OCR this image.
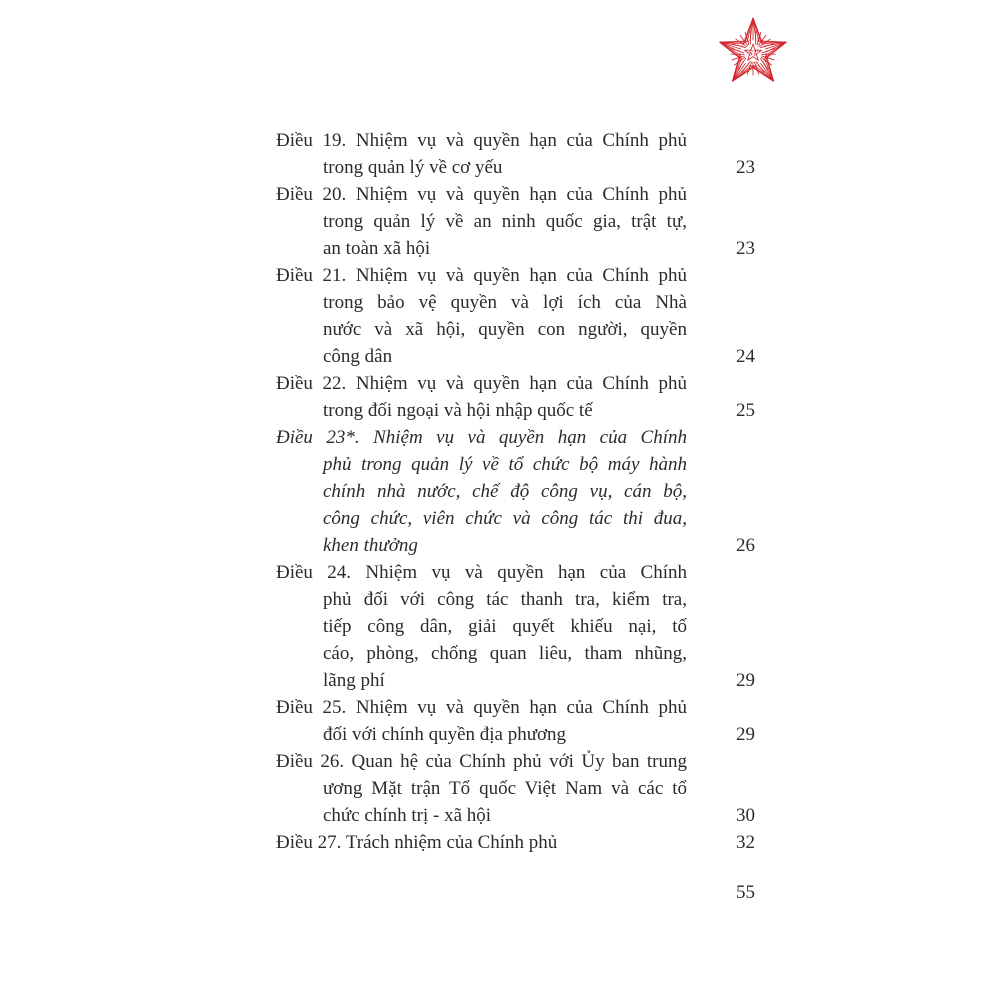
ST
Điều 19. Nhiệm vụ và quyền hạn của Chính phủ
trong quản lý về cơ yếu	23
Điều 20. Nhiệm vụ và quyền hạn của Chính phủ
trong quản lý về an ninh quốc gia, trật tự,
an toàn xã hội	23
Điều 21. Nhiệm vụ và quyền hạn của Chính phủ
trong bảo vệ quyền và lợi ích của Nhà
nước và xã hội, quyền con người, quyền
công dân	24
Điều 22. Nhiệm vụ và quyền hạn của Chính phủ
trong đối ngoại và hội nhập quốc tế	25
Điều 23*. Nhiệm vụ và quyền hạn của Chính
phủ trong quản lý về tổ chức bộ máy hành
chính nhà nước, chế độ công vụ, cán bộ,
công chức, viên chức và công tác thi đua,
khen thưởng	26
Điều 24. Nhiệm vụ và quyền hạn của Chính
phủ đối với công tác thanh tra, kiểm tra,
tiếp công dân, giải quyết khiếu nại, tố
cáo, phòng, chống quan liêu, tham nhũng,
lãng phí	29
Điều 25. Nhiệm vụ và quyền hạn của Chính phủ
đối với chính quyền địa phương	29
Điều 26. Quan hệ của Chính phủ với Ủy ban trung
ương Mặt trận Tổ quốc Việt Nam và các tổ
chức chính trị - xã hội	30
Điều 27. Trách nhiệm của Chính phủ	32
55
